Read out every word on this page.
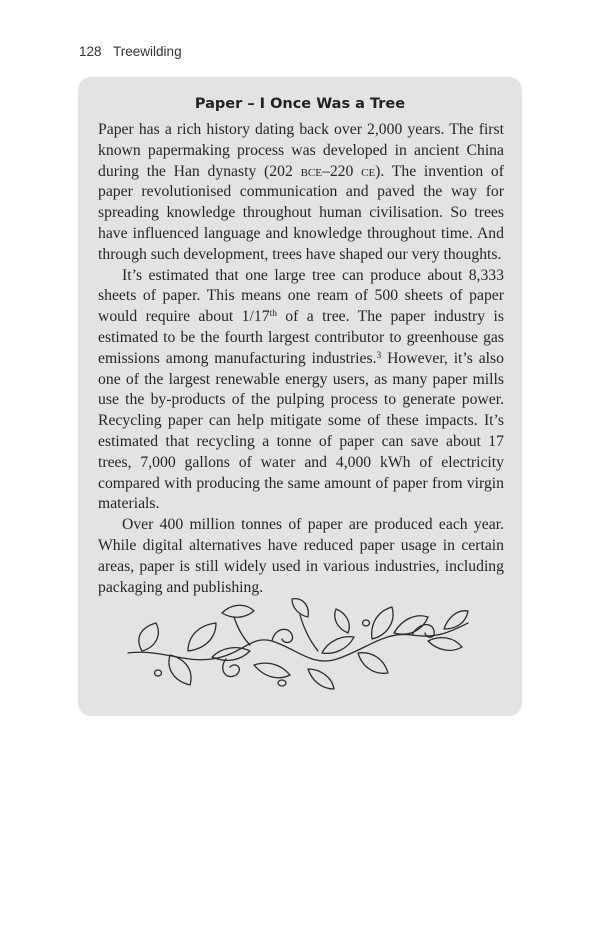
128 Treewilding
Paper – I Once Was a Tree

Paper has a rich history dating back over 2,000 years. The first known papermaking process was developed in ancient China during the Han dynasty (202 bce–220 ce). The invention of paper revolutionised communication and paved the way for spreading knowledge throughout human civilisation. So trees have influenced language and knowledge throughout time. And through such development, trees have shaped our very thoughts.

It’s estimated that one large tree can produce about 8,333 sheets of paper. This means one ream of 500 sheets of paper would require about 1/17th of a tree. The paper industry is estimated to be the fourth largest contributor to greenhouse gas emissions among manufacturing industries.$^3$ However, it’s also one of the largest renewable energy users, as many paper mills use the by-products of the pulping process to generate power. Recycling paper can help mitigate some of these impacts. It’s estimated that recycling a tonne of paper can save about 17 trees, 7,000 gallons of water and 4,000 kWh of electricity compared with producing the same amount of paper from virgin materials.

Over 400 million tonnes of paper are produced each year. While digital alternatives have reduced paper usage in certain areas, paper is still widely used in various industries, including packaging and publishing.
